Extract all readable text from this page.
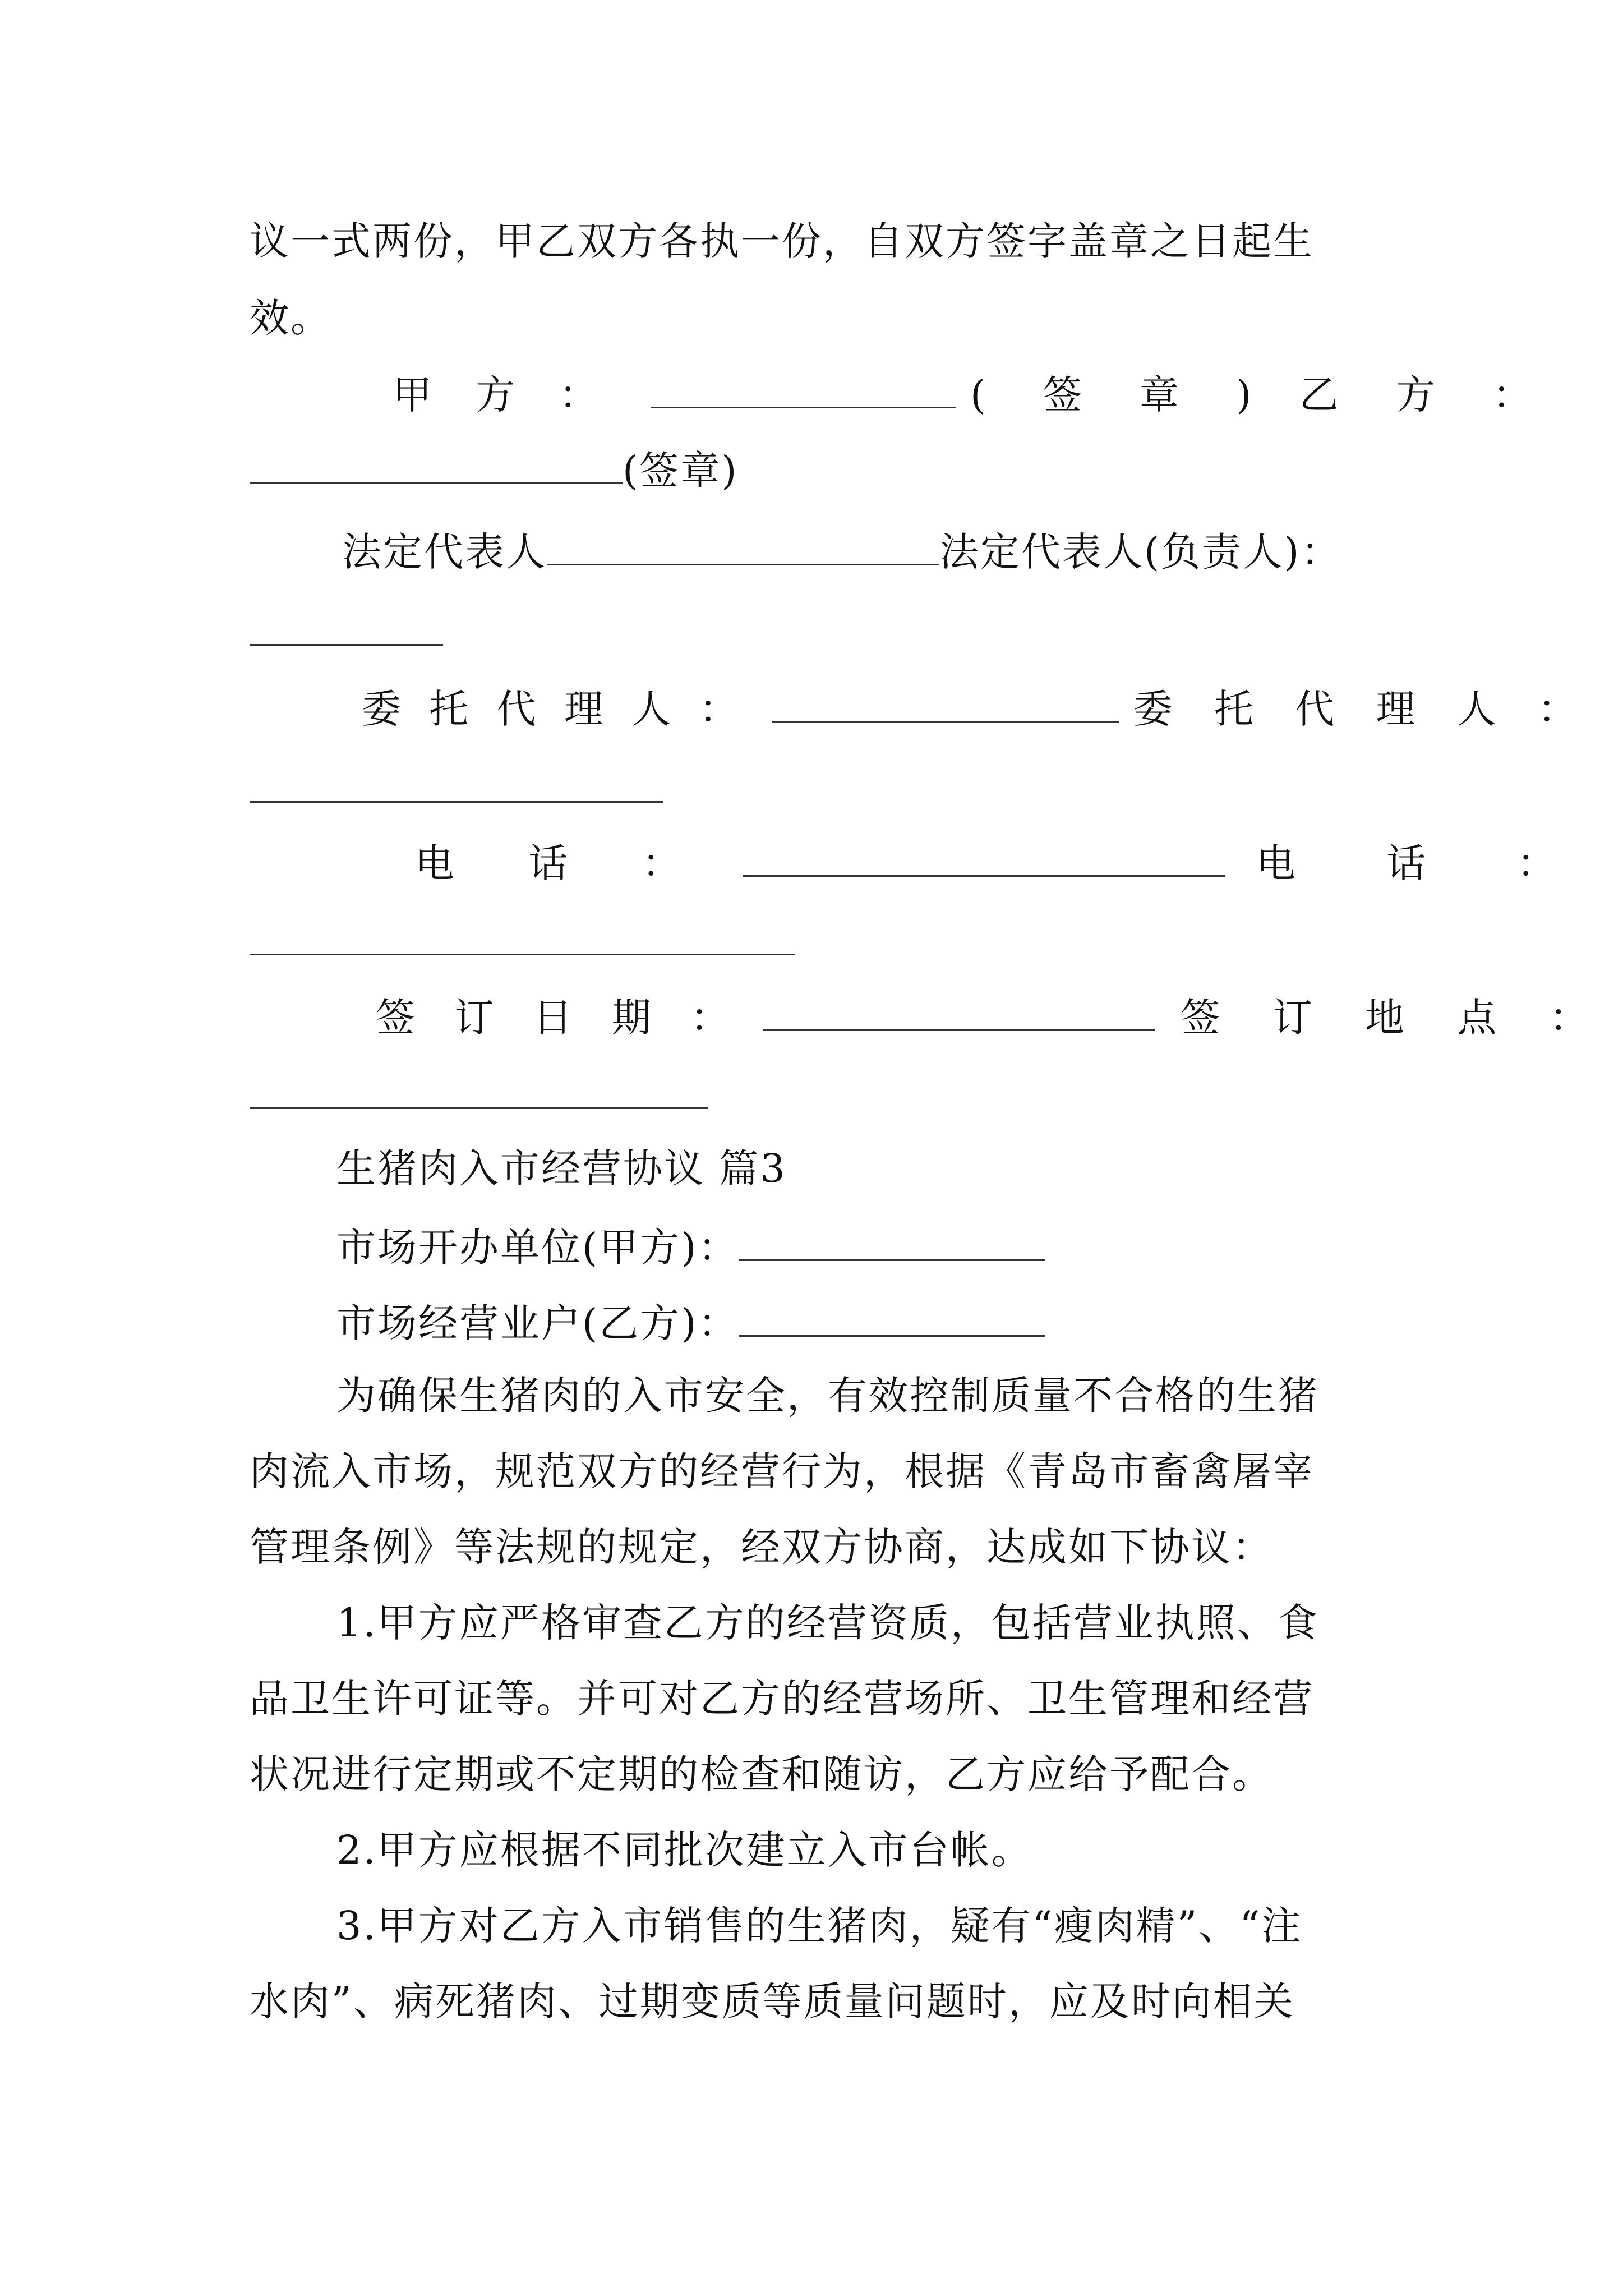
议一式两份，甲乙双方各执一份，自双方签字盖章之日起生
效。
甲 方 ：	( 签 章 ) 乙 方 ：
(签章)
法定代表人	法定代表人(负责人)：
委 托 代 理 人 ：	委 托 代 理 人 ：
电 话 ：	电 话 ：
签 订 日 期 ：	签 订 地 点 ：
生猪肉入市经营协议 篇3
市场开办单位(甲方)：
市场经营业户(乙方)：
为确保生猪肉的入市安全，有效控制质量不合格的生猪
肉流入市场，规范双方的经营行为，根据《青岛市畜禽屠宰
管理条例》等法规的规定，经双方协商，达成如下协议：
1.甲方应严格审查乙方的经营资质，包括营业执照、食
品卫生许可证等。并可对乙方的经营场所、卫生管理和经营
状况进行定期或不定期的检查和随访，乙方应给予配合。
2.甲方应根据不同批次建立入市台帐。
3.甲方对乙方入市销售的生猪肉，疑有“瘦肉精”、“注
水肉”、病死猪肉、过期变质等质量问题时，应及时向相关
